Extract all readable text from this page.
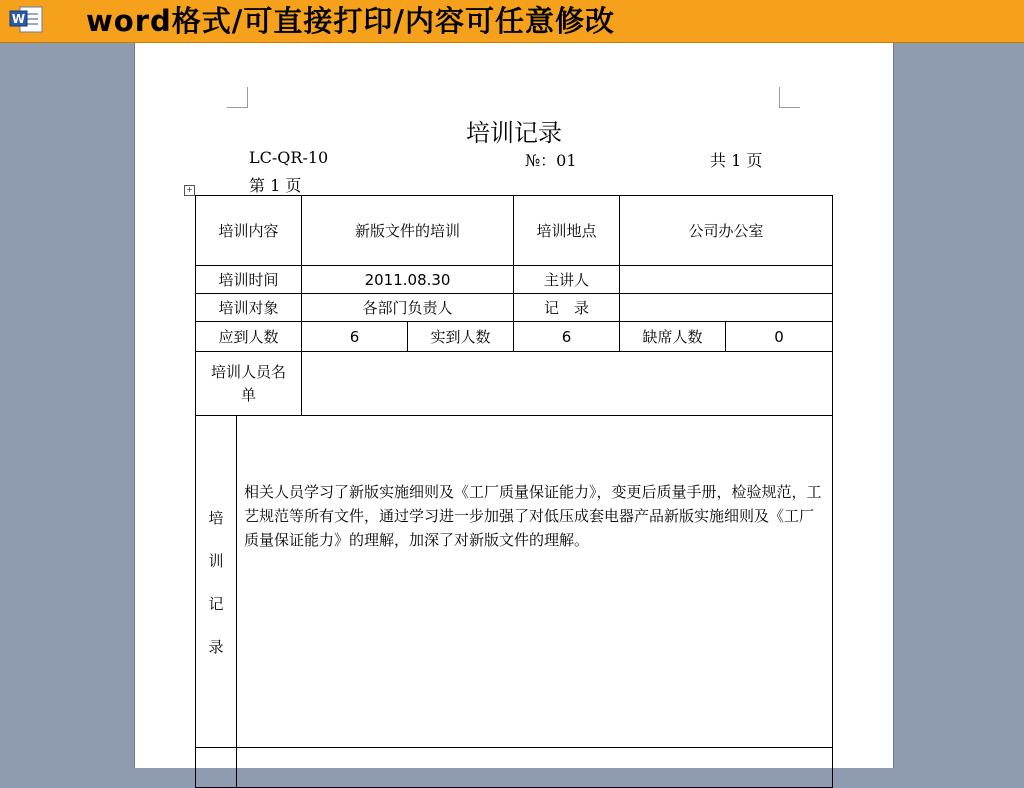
W word格式/可直接打印/内容可任意修改
培训记录
LC-QR-10	№：01	共 1 页
第 1 页
+
培训内容		新版文件的培训		培训地点	公司办公室	
培训时间		2011.08.30		主讲人		
培训对象		各部门负责人		记　录		
应到人数		6	实到人数	6	缺席人数	0
培训人员名单						

培
训
记
录	相关人员学习了新版实施细则及《工厂质量保证能力》，变更后质量手册，检验规范，工艺规范等所有文件，通过学习进一步加强了对低压成套电器产品新版实施细则及《工厂质量保证能力》的理解，加深了对新版文件的理解。					
